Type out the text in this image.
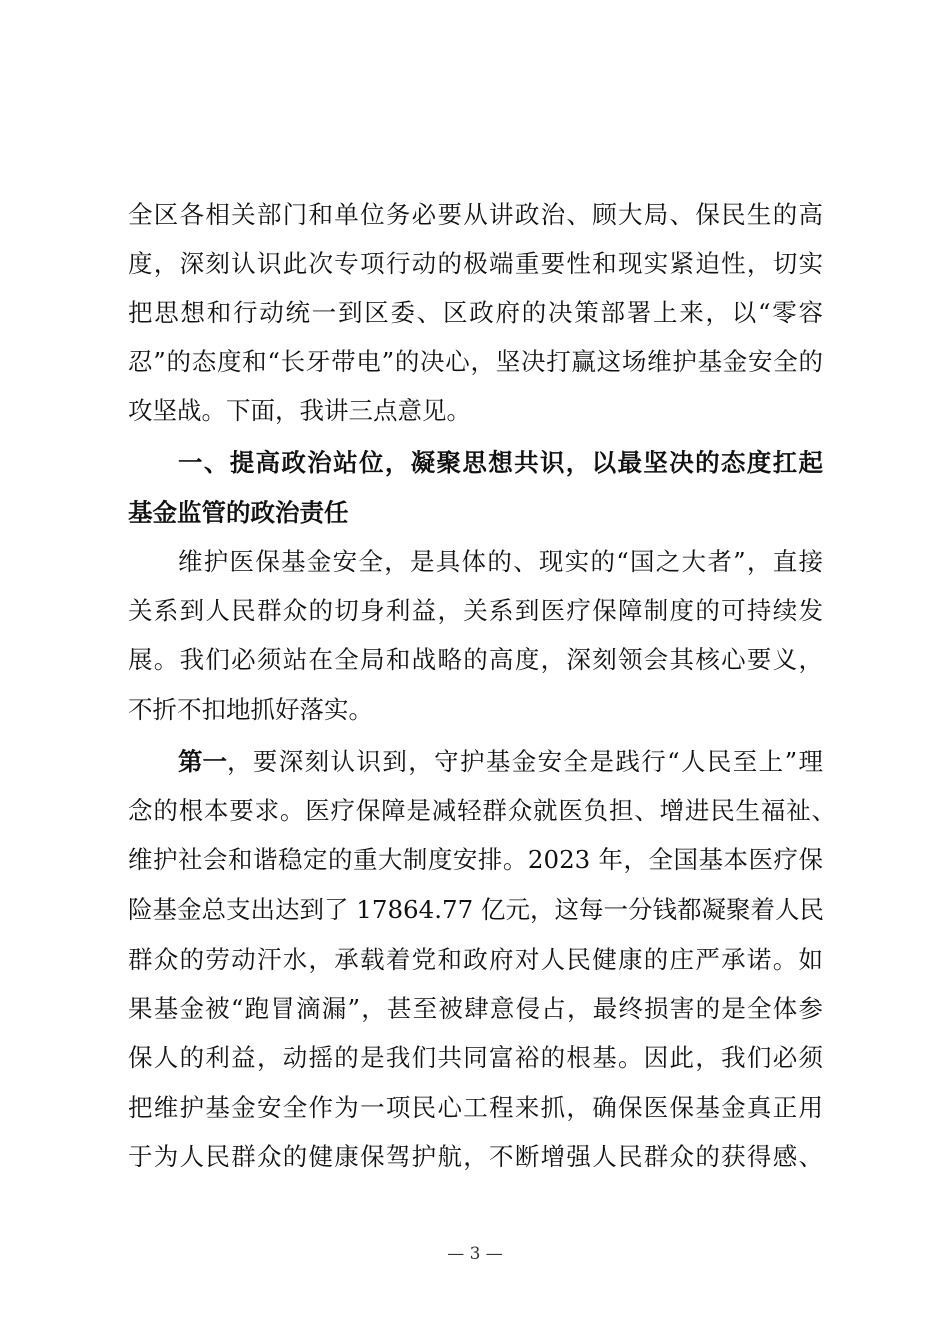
全区各相关部门和单位务必要从讲政治、顾大局、保民生的高
度，深刻认识此次专项行动的极端重要性和现实紧迫性，切实
把思想和行动统一到区委、区政府的决策部署上来，以“零容
忍”的态度和“长牙带电”的决心，坚决打赢这场维护基金安全的
攻坚战。下面，我讲三点意见。
一、提高政治站位，凝聚思想共识，以最坚决的态度扛起
基金监管的政治责任
维护医保基金安全，是具体的、现实的“国之大者”，直接
关系到人民群众的切身利益，关系到医疗保障制度的可持续发
展。我们必须站在全局和战略的高度，深刻领会其核心要义，
不折不扣地抓好落实。
第一 ，要深刻认识到，守护基金安全是践行“人民至上”理
念的根本要求。医疗保障是减轻群众就医负担、增进民生福祉、
维护社会和谐稳定的重大制度安排。2023 年，全国基本医疗保
险基金总支出达到了 17864.77 亿元，这每一分钱都凝聚着人民
群众的劳动汗水，承载着党和政府对人民健康的庄严承诺。如
果基金被“跑冒滴漏”，甚至被肆意侵占，最终损害的是全体参
保人的利益，动摇的是我们共同富裕的根基。因此，我们必须
把维护基金安全作为一项民心工程来抓，确保医保基金真正用
于为人民群众的健康保驾护航，不断增强人民群众的获得感、
— 3 —
